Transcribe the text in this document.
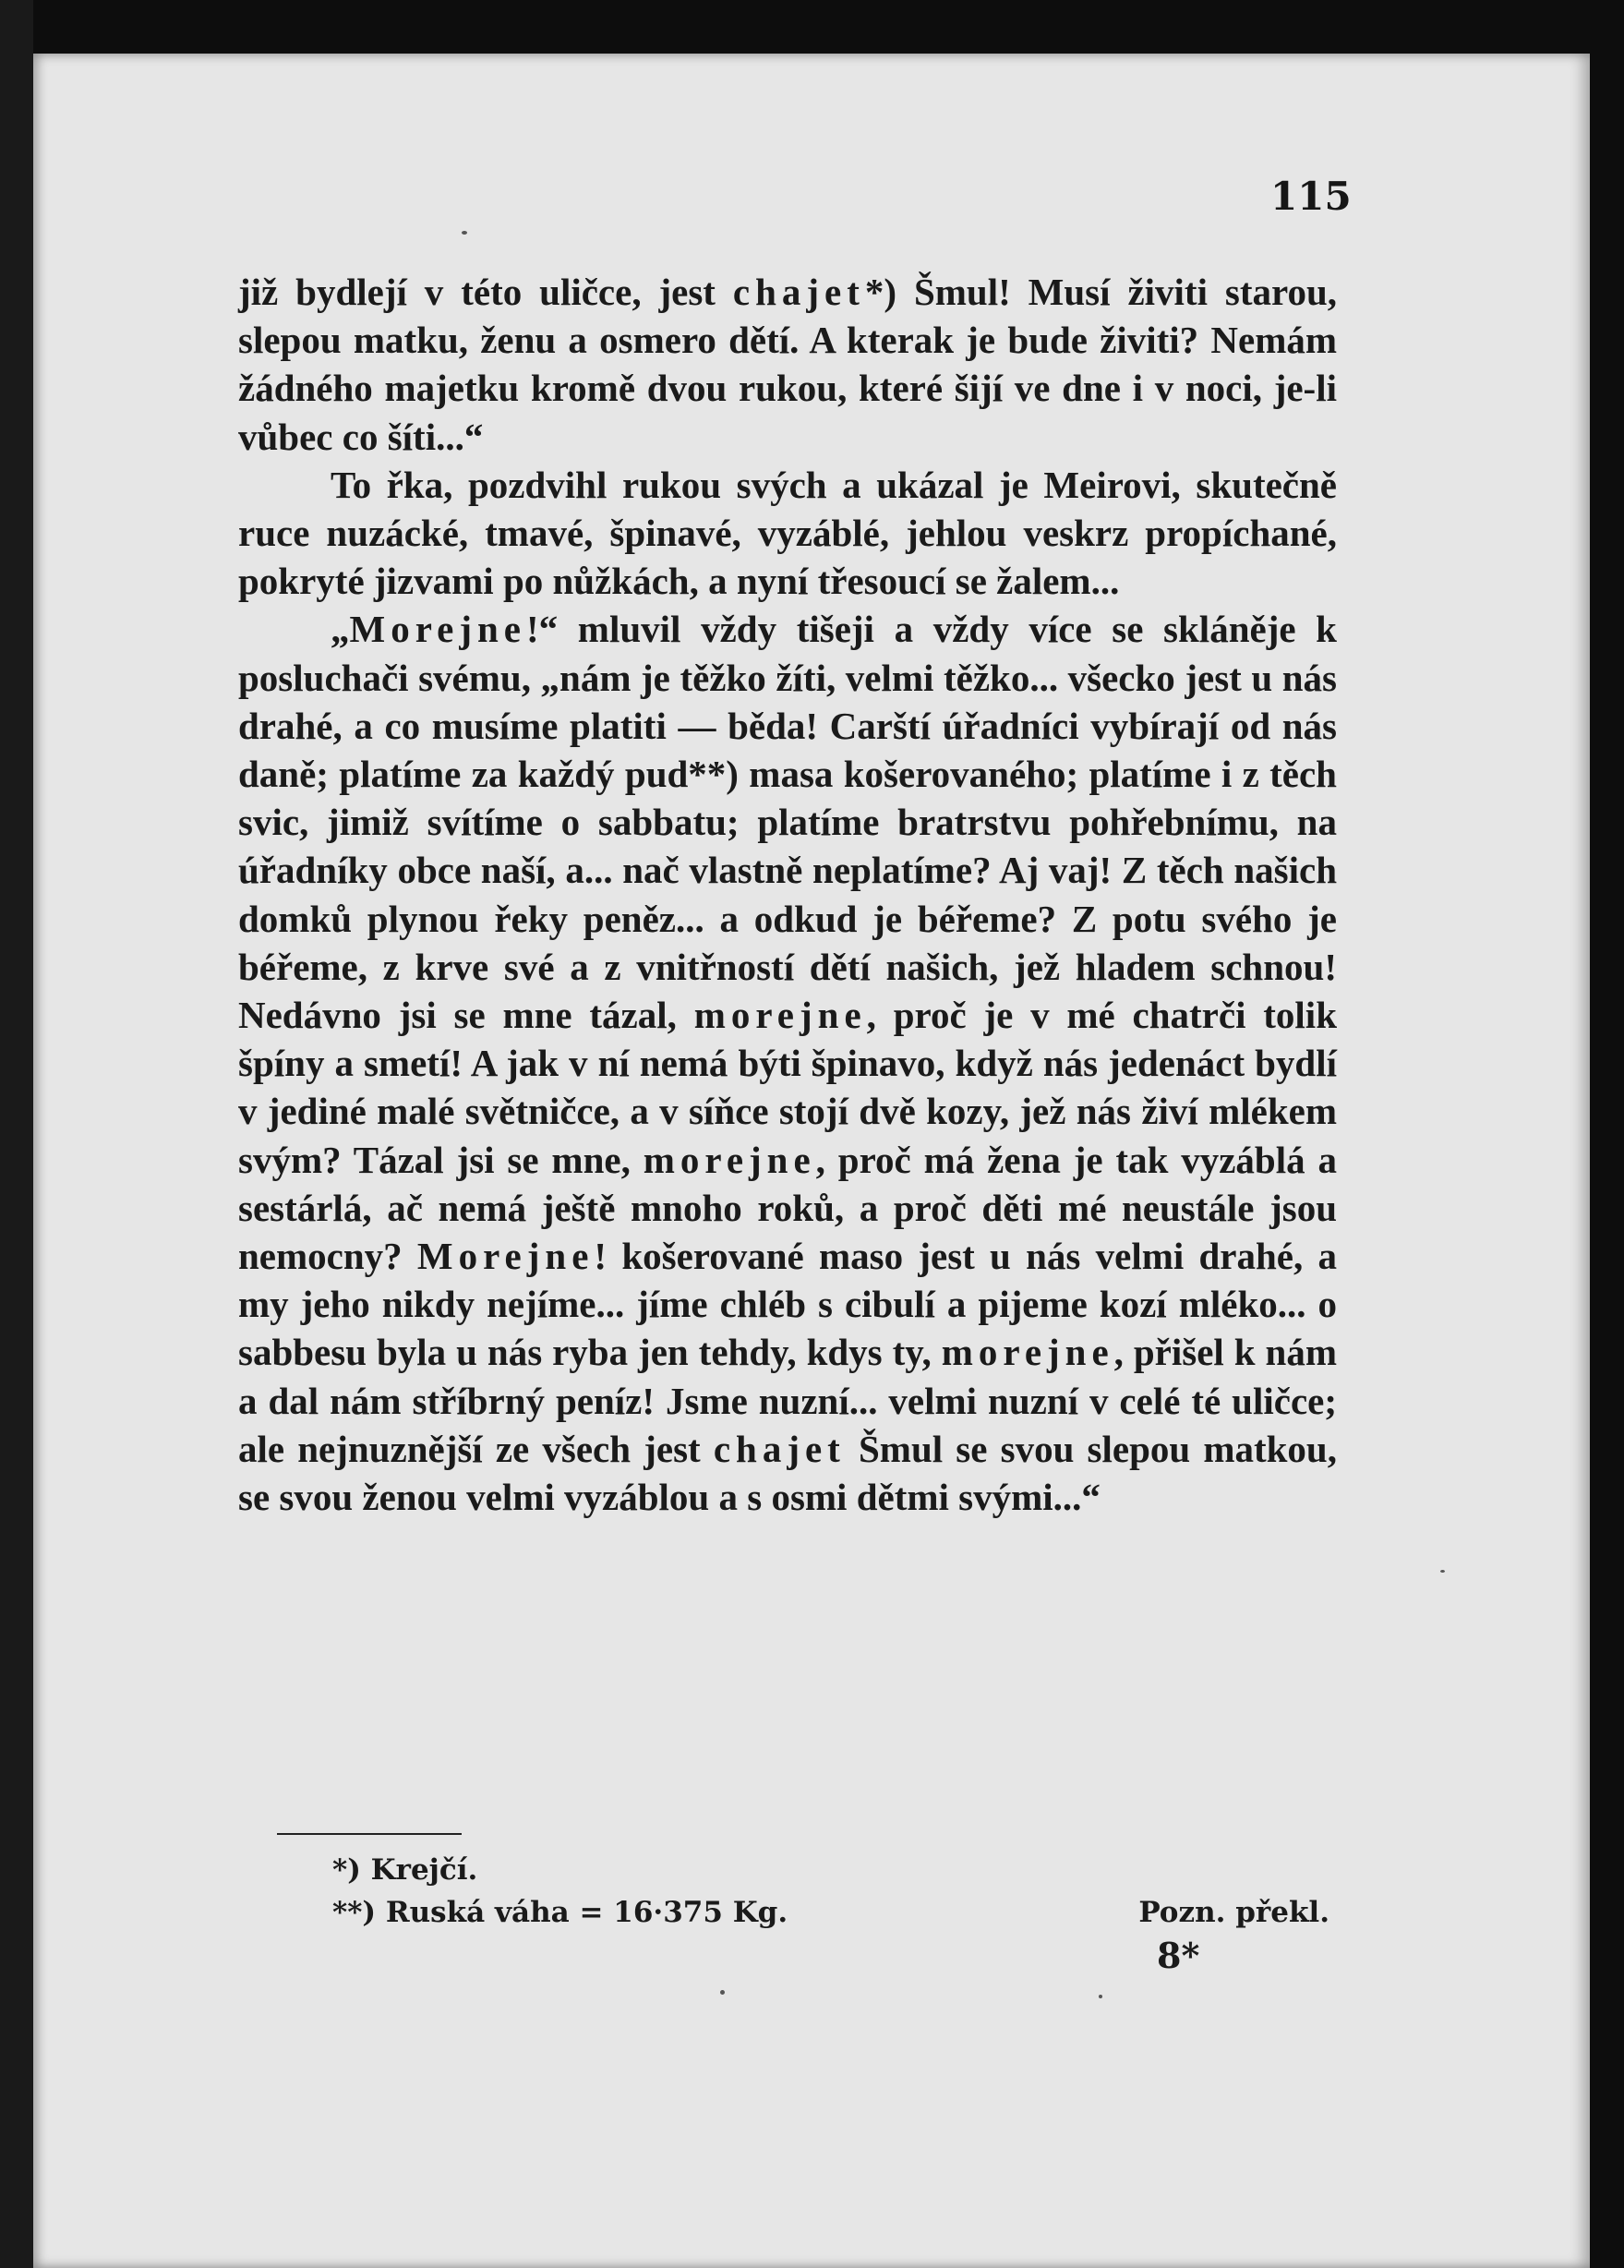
115

již bydlejí v této uličce, jest chajet*) Šmul! Musí živiti starou, slepou matku, ženu a osmero dětí. A kterak je bude živiti? Nemám žádného majetku kromě dvou rukou, které šijí ve dne i v noci, je-li vůbec co šíti...“

To řka, pozdvihl rukou svých a ukázal je Meirovi, skutečně ruce nuzácké, tmavé, špinavé, vyzáblé, jehlou veskrz propíchané, pokryté jizvami po nůžkách, a nyní třesoucí se žalem...

„Morejne!“ mluvil vždy tišeji a vždy více se skláněje k posluchači svému, „nám je těžko žíti, velmi těžko... všecko jest u nás drahé, a co musíme platiti — běda! Carští úřadníci vybírají od nás daně; platíme za každý pud**) masa košerovaného; platíme i z těch svic, jimiž svítíme o sabbatu; platíme bratrstvu pohřebnímu, na úřadníky obce naší, a... nač vlastně neplatíme? Aj vaj! Z těch našich domků plynou řeky peněz... a odkud je béřeme? Z potu svého je béřeme, z krve své a z vnitřností dětí našich, jež hladem schnou! Nedávno jsi se mne tázal, morejne, proč je v mé chatrči tolik špíny a smetí! A jak v ní nemá býti špinavo, když nás jedenáct bydlí v jediné malé světničce, a v síňce stojí dvě kozy, jež nás živí mlékem svým? Tázal jsi se mne, morejne, proč má žena je tak vyzáblá a sestárlá, ač nemá ještě mnoho roků, a proč děti mé neustále jsou nemocny? Morejne! košerované maso jest u nás velmi drahé, a my jeho nikdy nejíme... jíme chléb s cibulí a pijeme kozí mléko... o sabbesu byla u nás ryba jen tehdy, kdys ty, morejne, přišel k nám a dal nám stříbrný peníz! Jsme nuzní... velmi nuzní v celé té uličce; ale nejnuznější ze všech jest chajet Šmul se svou slepou matkou, se svou ženou velmi vyzáblou a s osmi dětmi svými...“

*) Krejčí.
**) Ruská váha = 16·375 Kg.	Pozn. překl.
8*
